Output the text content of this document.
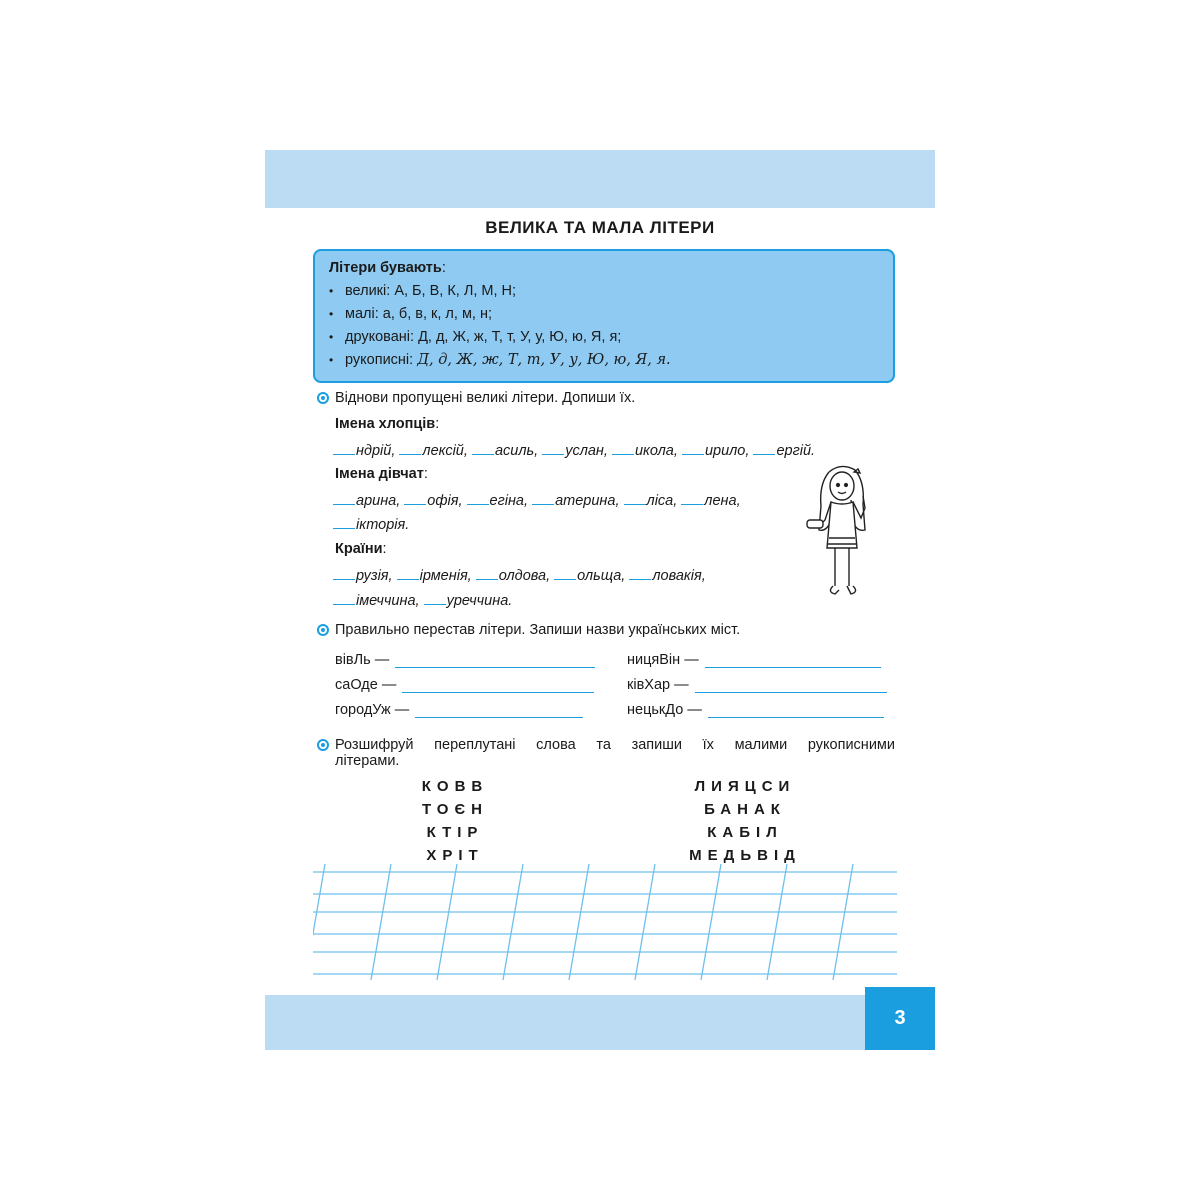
ВЕЛИКА ТА МАЛА ЛІТЕРИ
Літери бувають:
• великі:
А, Б, В, К, Л, М, Н;
• малі:
а, б, в, к, л, м, н;
• друковані:
Д, д, Ж, ж, Т, т, У, у, Ю, ю, Я, я;
• рукописні:
Д, д, Ж, ж, Т, т, У, у, Ю, ю, Я, я.
Віднови пропущені великі літери. Допиши їх.
Імена хлопців:
ндрій, лексій, асиль, услан, икола, ирило, ергій.
Імена дівчат:
арина, офія, егіна, атерина, ліса, лена,
ікторія.
Країни:
рузія, ірменія, олдова, ольща, ловакія,
імеччина, уреччина.
Правильно перестав літери. Запиши назви українських міст.
вівЛь —
саОде —
городУж —
ницяВін —
ківХар —
нецькДо —
Розшифруй переплутані слова та запиши їх малими рукописними
літерами.
КОВВ
ТОЄН
КТІР
ХРІТ
ЛИЯЦСИ
БАНАК
КАБІЛ
МЕДЬВІД
3
